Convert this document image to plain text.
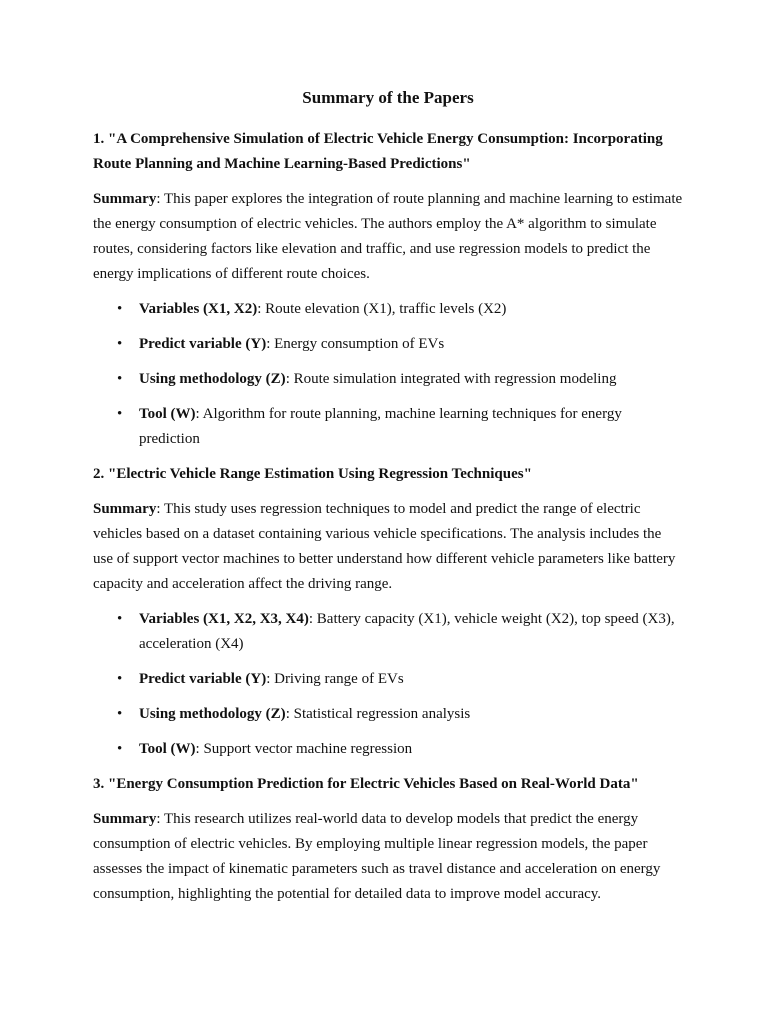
Summary of the Papers
1. "A Comprehensive Simulation of Electric Vehicle Energy Consumption: Incorporating Route Planning and Machine Learning-Based Predictions"
Summary: This paper explores the integration of route planning and machine learning to estimate the energy consumption of electric vehicles. The authors employ the A* algorithm to simulate routes, considering factors like elevation and traffic, and use regression models to predict the energy implications of different route choices.
• Variables (X1, X2): Route elevation (X1), traffic levels (X2)
• Predict variable (Y): Energy consumption of EVs
• Using methodology (Z): Route simulation integrated with regression modeling
• Tool (W): Algorithm for route planning, machine learning techniques for energy prediction
2. "Electric Vehicle Range Estimation Using Regression Techniques"
Summary: This study uses regression techniques to model and predict the range of electric vehicles based on a dataset containing various vehicle specifications. The analysis includes the use of support vector machines to better understand how different vehicle parameters like battery capacity and acceleration affect the driving range.
• Variables (X1, X2, X3, X4): Battery capacity (X1), vehicle weight (X2), top speed (X3), acceleration (X4)
• Predict variable (Y): Driving range of EVs
• Using methodology (Z): Statistical regression analysis
• Tool (W): Support vector machine regression
3. "Energy Consumption Prediction for Electric Vehicles Based on Real-World Data"
Summary: This research utilizes real-world data to develop models that predict the energy consumption of electric vehicles. By employing multiple linear regression models, the paper assesses the impact of kinematic parameters such as travel distance and acceleration on energy consumption, highlighting the potential for detailed data to improve model accuracy.
